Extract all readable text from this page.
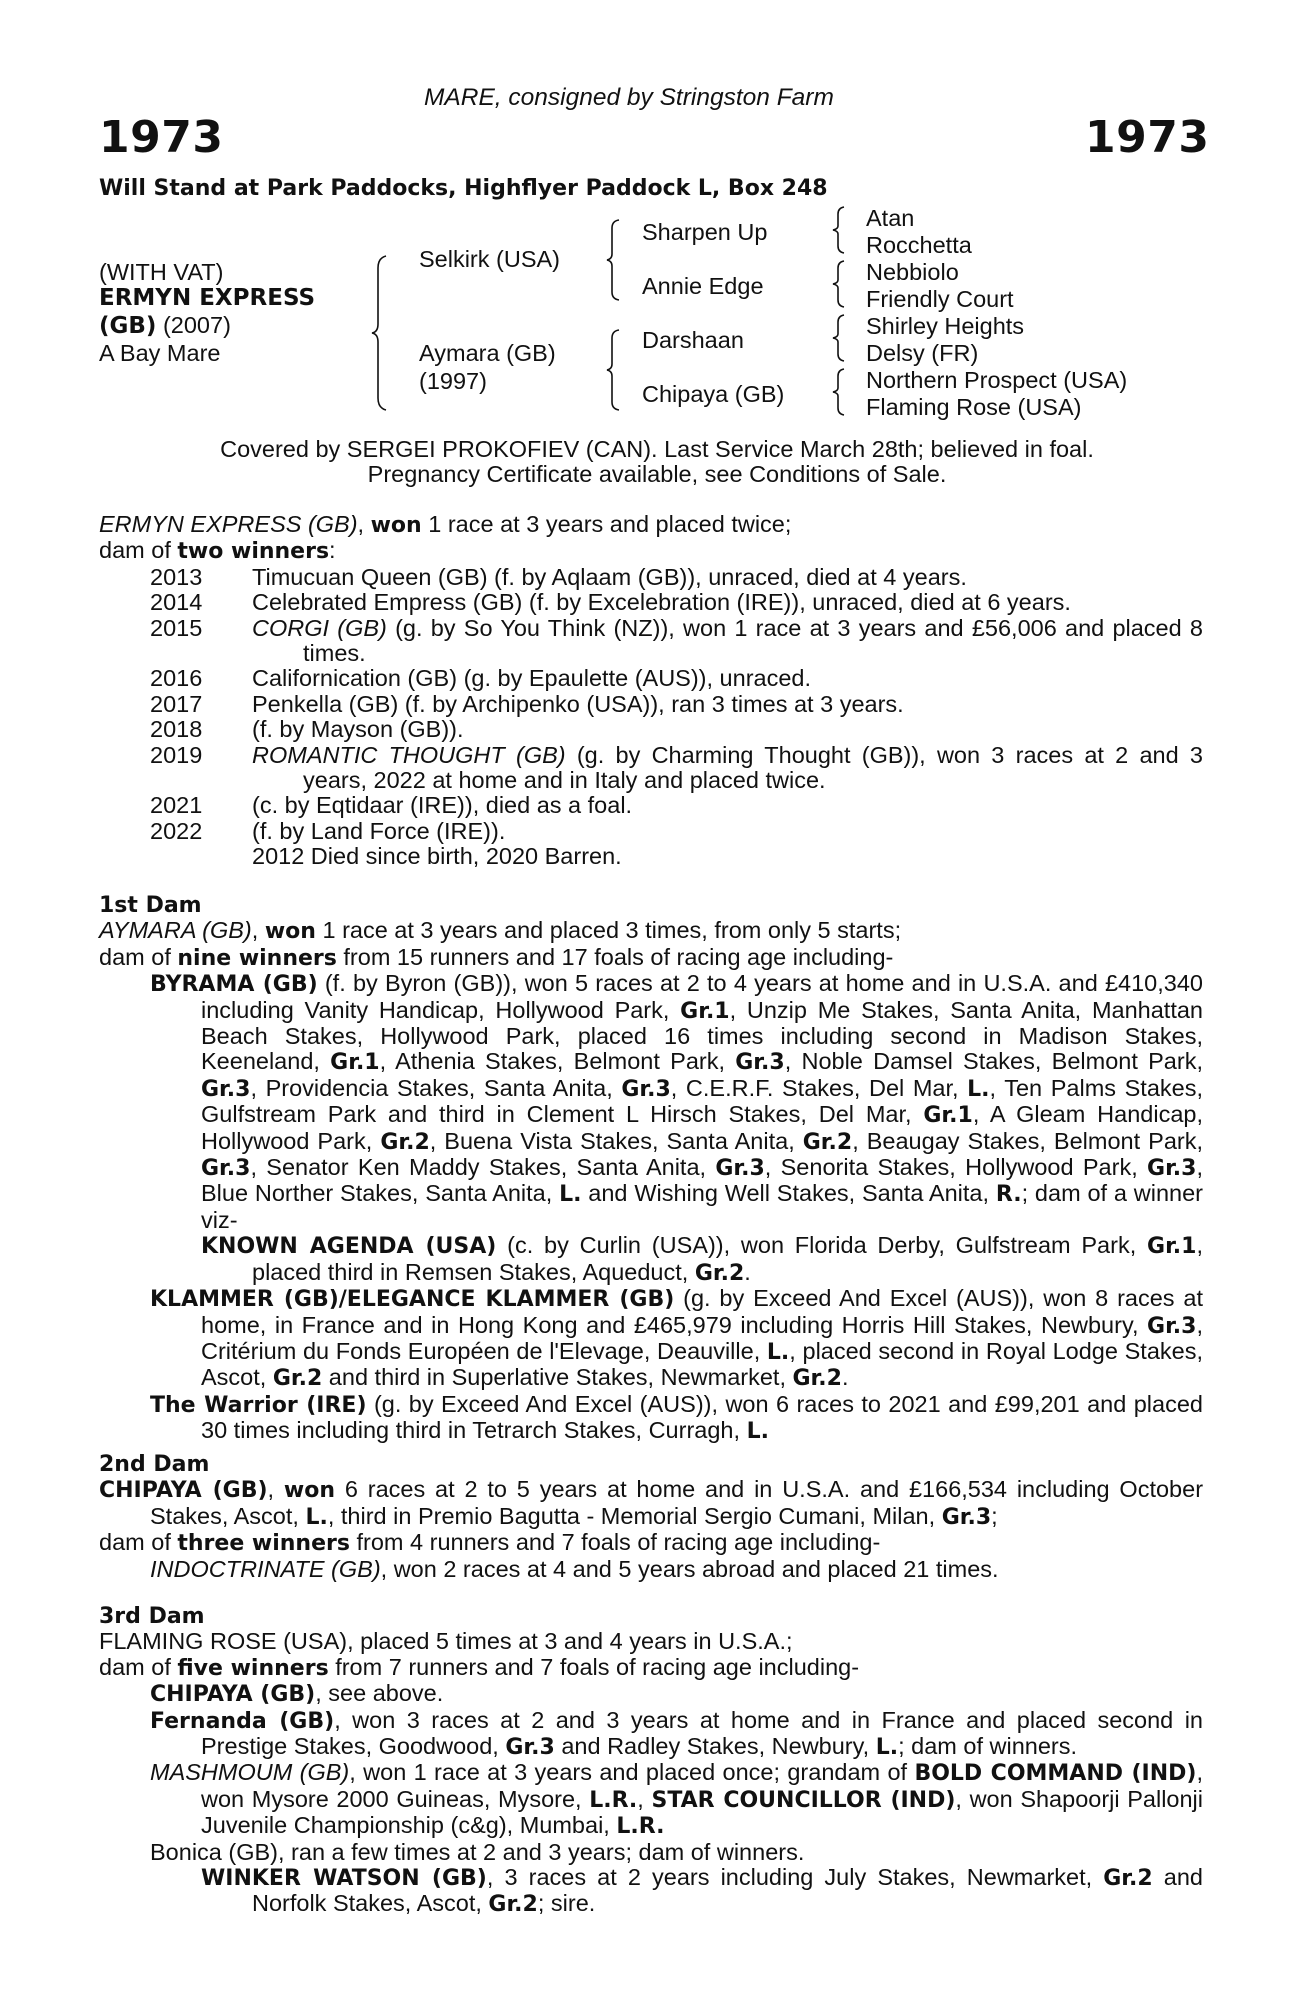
MARE, consigned by Stringston Farm
1973	1973
Will Stand at Park Paddocks, Highflyer Paddock L, Box 248
(WITH VAT)
ERMYN EXPRESS
(GB) (2007)
A Bay Mare
Selkirk (USA)
Aymara (GB)
(1997)
Sharpen Up
Annie Edge
Darshaan
Chipaya (GB)
Atan
Rocchetta
Nebbiolo
Friendly Court
Shirley Heights
Delsy (FR)
Northern Prospect (USA)
Flaming Rose (USA)
Covered by SERGEI PROKOFIEV (CAN). Last Service March 28th; believed in foal.
Pregnancy Certificate available, see Conditions of Sale.

ERMYN EXPRESS (GB), won 1 race at 3 years and placed twice;

dam of two winners:

2013 Timucuan Queen (GB) (f. by Aqlaam (GB)), unraced, died at 4 years.
2014 Celebrated Empress (GB) (f. by Excelebration (IRE)), unraced, died at 6 years.
2015 CORGI (GB) (g. by So You Think (NZ)), won 1 race at 3 years and £56,006 and placed 8 times.
2016 Californication (GB) (g. by Epaulette (AUS)), unraced.
2017 Penkella (GB) (f. by Archipenko (USA)), ran 3 times at 3 years.
2018 (f. by Mayson (GB)).
2019 ROMANTIC THOUGHT (GB) (g. by Charming Thought (GB)), won 3 races at 2 and 3 years, 2022 at home and in Italy and placed twice.
2021 (c. by Eqtidaar (IRE)), died as a foal.
2022 (f. by Land Force (IRE)).

2012 Died since birth, 2020 Barren.

1st Dam

AYMARA (GB), won 1 race at 3 years and placed 3 times, from only 5 starts;

dam of nine winners from 15 runners and 17 foals of racing age including-

BYRAMA (GB) (f. by Byron (GB)), won 5 races at 2 to 4 years at home and in U.S.A. and £410,340 including Vanity Handicap, Hollywood Park, Gr.1, Unzip Me Stakes, Santa Anita, Manhattan Beach Stakes, Hollywood Park, placed 16 times including second in Madison Stakes, Keeneland, Gr.1, Athenia Stakes, Belmont Park, Gr.3, Noble Damsel Stakes, Belmont Park, Gr.3, Providencia Stakes, Santa Anita, Gr.3, C.E.R.F. Stakes, Del Mar, L., Ten Palms Stakes, Gulfstream Park and third in Clement L Hirsch Stakes, Del Mar, Gr.1, A Gleam Handicap, Hollywood Park, Gr.2, Buena Vista Stakes, Santa Anita, Gr.2, Beaugay Stakes, Belmont Park, Gr.3, Senator Ken Maddy Stakes, Santa Anita, Gr.3, Senorita Stakes, Hollywood Park, Gr.3, Blue Norther Stakes, Santa Anita, L. and Wishing Well Stakes, Santa Anita, R.; dam of a winner viz-

KNOWN AGENDA (USA) (c. by Curlin (USA)), won Florida Derby, Gulfstream Park, Gr.1, placed third in Remsen Stakes, Aqueduct, Gr.2.

KLAMMER (GB)/ELEGANCE KLAMMER (GB) (g. by Exceed And Excel (AUS)), won 8 races at home, in France and in Hong Kong and £465,979 including Horris Hill Stakes, Newbury, Gr.3, Critérium du Fonds Européen de l'Elevage, Deauville, L., placed second in Royal Lodge Stakes, Ascot, Gr.2 and third in Superlative Stakes, Newmarket, Gr.2.

The Warrior (IRE) (g. by Exceed And Excel (AUS)), won 6 races to 2021 and £99,201 and placed 30 times including third in Tetrarch Stakes, Curragh, L.

2nd Dam

CHIPAYA (GB), won 6 races at 2 to 5 years at home and in U.S.A. and £166,534 including October Stakes, Ascot, L., third in Premio Bagutta - Memorial Sergio Cumani, Milan, Gr.3;

dam of three winners from 4 runners and 7 foals of racing age including-

INDOCTRINATE (GB), won 2 races at 4 and 5 years abroad and placed 21 times.

3rd Dam

FLAMING ROSE (USA), placed 5 times at 3 and 4 years in U.S.A.;

dam of five winners from 7 runners and 7 foals of racing age including-

CHIPAYA (GB), see above.

Fernanda (GB), won 3 races at 2 and 3 years at home and in France and placed second in Prestige Stakes, Goodwood, Gr.3 and Radley Stakes, Newbury, L.; dam of winners.

MASHMOUM (GB), won 1 race at 3 years and placed once; grandam of BOLD COMMAND (IND), won Mysore 2000 Guineas, Mysore, L.R., STAR COUNCILLOR (IND), won Shapoorji Pallonji Juvenile Championship (c&g), Mumbai, L.R.

Bonica (GB), ran a few times at 2 and 3 years; dam of winners.

WINKER WATSON (GB), 3 races at 2 years including July Stakes, Newmarket, Gr.2 and Norfolk Stakes, Ascot, Gr.2; sire.
